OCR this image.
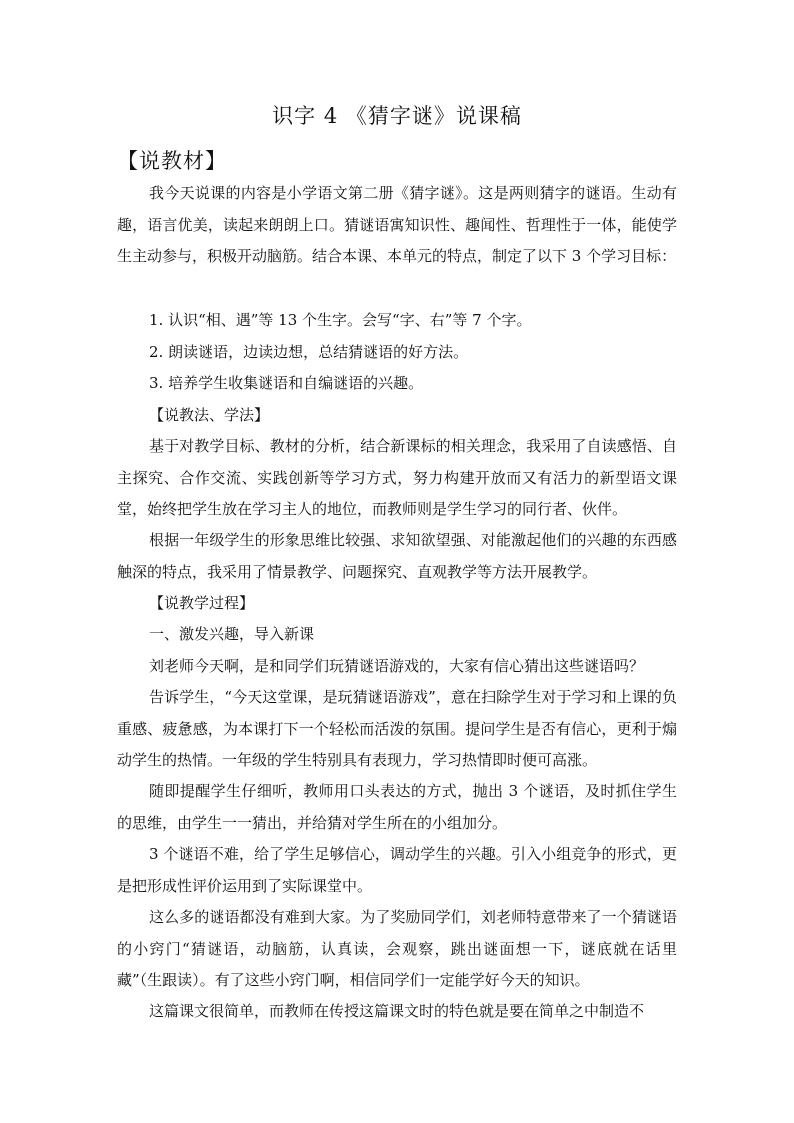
识字 4 《猜字谜》说课稿
【说教材】

我今天说课的内容是小学语文第二册《猜字谜》。这是两则猜字的谜语。生动有趣，语言优美，读起来朗朗上口。猜谜语寓知识性、趣闻性、哲理性于一体，能使学生主动参与，积极开动脑筋。结合本课、本单元的特点，制定了以下 3 个学习目标：

1. 认识“相、遇”等 13 个生字。会写“字、右”等 7 个字。
2. 朗读谜语，边读边想，总结猜谜语的好方法。
3. 培养学生收集谜语和自编谜语的兴趣。
【说教法、学法】

基于对教学目标、教材的分析，结合新课标的相关理念，我采用了自读感悟、自主探究、合作交流、实践创新等学习方式，努力构建开放而又有活力的新型语文课堂，始终把学生放在学习主人的地位，而教师则是学生学习的同行者、伙伴。

根据一年级学生的形象思维比较强、求知欲望强、对能激起他们的兴趣的东西感触深的特点，我采用了情景教学、问题探究、直观教学等方法开展教学。

【说教学过程】
一、激发兴趣，导入新课

刘老师今天啊，是和同学们玩猜谜语游戏的，大家有信心猜出这些谜语吗？

告诉学生，“今天这堂课，是玩猜谜语游戏”，意在扫除学生对于学习和上课的负重感、疲惫感，为本课打下一个轻松而活泼的氛围。提问学生是否有信心，更利于煽动学生的热情。一年级的学生特别具有表现力，学习热情即时便可高涨。

随即提醒学生仔细听，教师用口头表达的方式，抛出 3 个谜语，及时抓住学生的思维，由学生一一猜出，并给猜对学生所在的小组加分。

3 个谜语不难，给了学生足够信心，调动学生的兴趣。引入小组竞争的形式，更是把形成性评价运用到了实际课堂中。

这么多的谜语都没有难到大家。为了奖励同学们，刘老师特意带来了一个猜谜语的小窍门“猜谜语，动脑筋，认真读，会观察，跳出谜面想一下，谜底就在话里藏”（生跟读）。有了这些小窍门啊，相信同学们一定能学好今天的知识。

这篇课文很简单，而教师在传授这篇课文时的特色就是要在简单之中制造不
